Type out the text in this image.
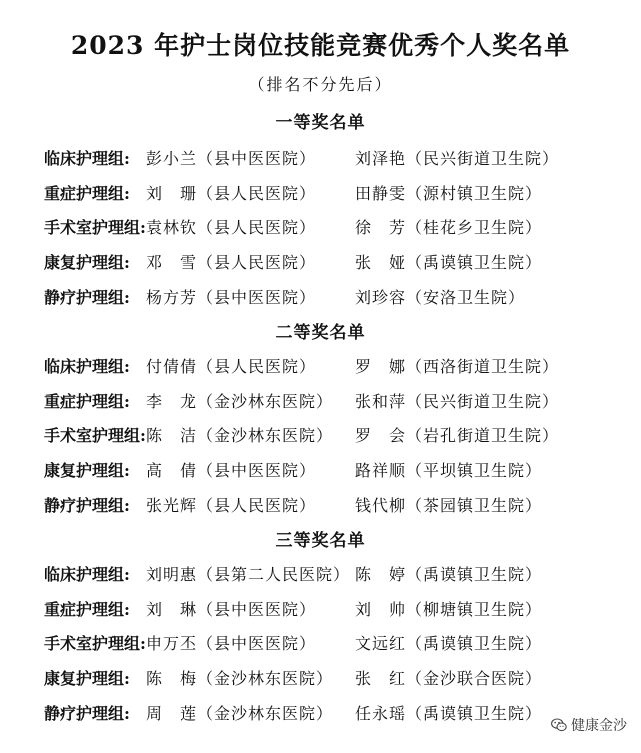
2023 年护士岗位技能竞赛优秀个人奖名单
（排名不分先后）
一等奖名单
临床护理组: 彭小兰（县中医医院） 刘泽艳（民兴街道卫生院）
重症护理组: 刘　珊（县人民医院） 田静雯（源村镇卫生院）
手术室护理组: 袁林钦（县人民医院） 徐　芳（桂花乡卫生院）
康复护理组: 邓　雪（县人民医院） 张　娅（禹谟镇卫生院）
静疗护理组: 杨方芳（县中医医院） 刘珍容（安洛卫生院）
二等奖名单
临床护理组: 付倩倩（县人民医院） 罗　娜（西洛街道卫生院）
重症护理组: 李　龙（金沙林东医院） 张和萍（民兴街道卫生院）
手术室护理组: 陈　洁（金沙林东医院） 罗　会（岩孔街道卫生院）
康复护理组: 高　倩（县中医医院） 路祥顺（平坝镇卫生院）
静疗护理组: 张光辉（县人民医院） 钱代柳（茶园镇卫生院）
三等奖名单
临床护理组: 刘明惠（县第二人民医院） 陈　婷（禹谟镇卫生院）
重症护理组: 刘　琳（县中医医院） 刘　帅（柳塘镇卫生院）
手术室护理组: 申万丕（县中医医院） 文远红（禹谟镇卫生院）
康复护理组: 陈　梅（金沙林东医院） 张　红（金沙联合医院）
静疗护理组: 周　莲（金沙林东医院） 任永瑶（禹谟镇卫生院）
健康金沙
